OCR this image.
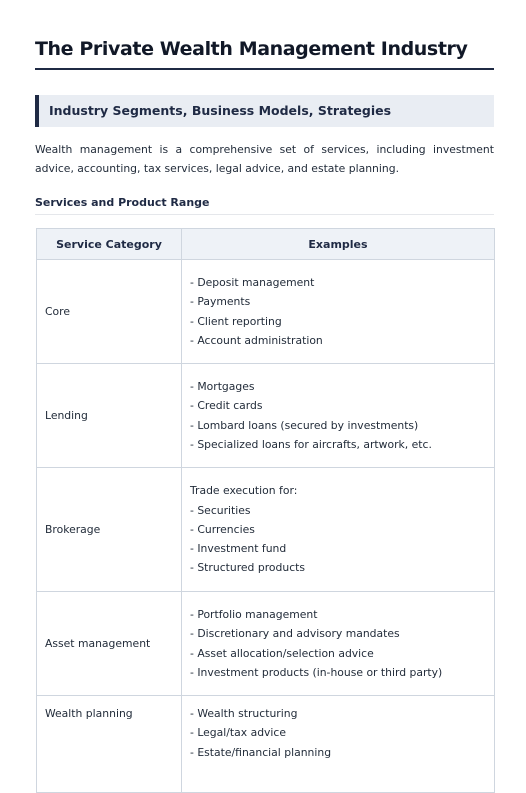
The Private Wealth Management Industry
Industry Segments, Business Models, Strategies

Wealth management is a comprehensive set of services, including investment advice, accounting, tax services, legal advice, and estate planning.

Services and Product Range
Service Category	Examples
Core	- Deposit management
- Payments
- Client reporting
- Account administration

Lending	- Mortgages
- Credit cards
- Lombard loans (secured by investments)
- Specialized loans for aircrafts, artwork, etc.

Brokerage	Trade execution for:
- Securities
- Currencies
- Investment fund
- Structured products

Asset management	- Portfolio management
- Discretionary and advisory mandates
- Asset allocation/selection advice
- Investment products (in-house or third party)

Wealth planning	- Wealth structuring
- Legal/tax advice
- Estate/financial planning
